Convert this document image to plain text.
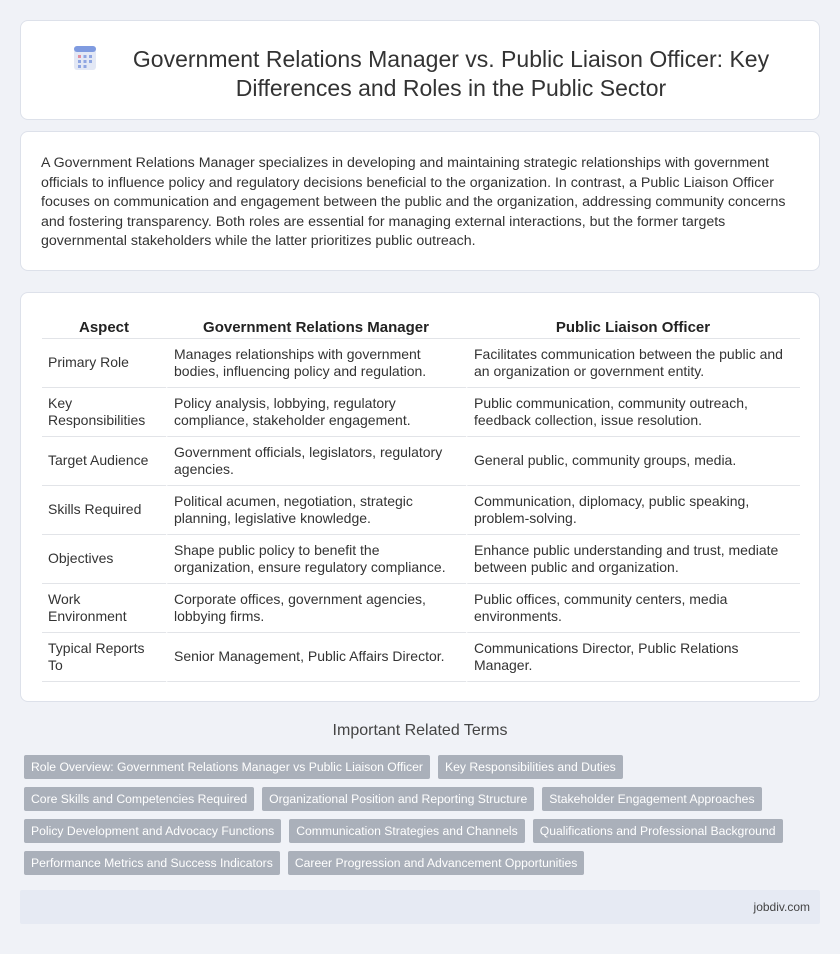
Government Relations Manager vs. Public Liaison Officer: Key Differences and Roles in the Public Sector

A Government Relations Manager specializes in developing and maintaining strategic relationships with government officials to influence policy and regulatory decisions beneficial to the organization. In contrast, a Public Liaison Officer focuses on communication and engagement between the public and the organization, addressing community concerns and fostering transparency. Both roles are essential for managing external interactions, but the former targets governmental stakeholders while the latter prioritizes public outreach.

Aspect	Government Relations Manager	Public Liaison Officer
Primary Role	Manages relationships with government bodies, influencing policy and regulation.	Facilitates communication between the public and an organization or government entity.
Key Responsibilities	Policy analysis, lobbying, regulatory compliance, stakeholder engagement.	Public communication, community outreach, feedback collection, issue resolution.
Target Audience	Government officials, legislators, regulatory agencies.	General public, community groups, media.
Skills Required	Political acumen, negotiation, strategic planning, legislative knowledge.	Communication, diplomacy, public speaking, problem-solving.
Objectives	Shape public policy to benefit the organization, ensure regulatory compliance.	Enhance public understanding and trust, mediate between public and organization.
Work Environment	Corporate offices, government agencies, lobbying firms.	Public offices, community centers, media environments.
Typical Reports To	Senior Management, Public Affairs Director.	Communications Director, Public Relations Manager.
Important Related Terms
Role Overview: Government Relations Manager vs Public Liaison Officer	Key Responsibilities and Duties
Core Skills and Competencies Required	Organizational Position and Reporting Structure	Stakeholder Engagement Approaches
Policy Development and Advocacy Functions	Communication Strategies and Channels	Qualifications and Professional Background
Performance Metrics and Success Indicators	Career Progression and Advancement Opportunities
jobdiv.com
